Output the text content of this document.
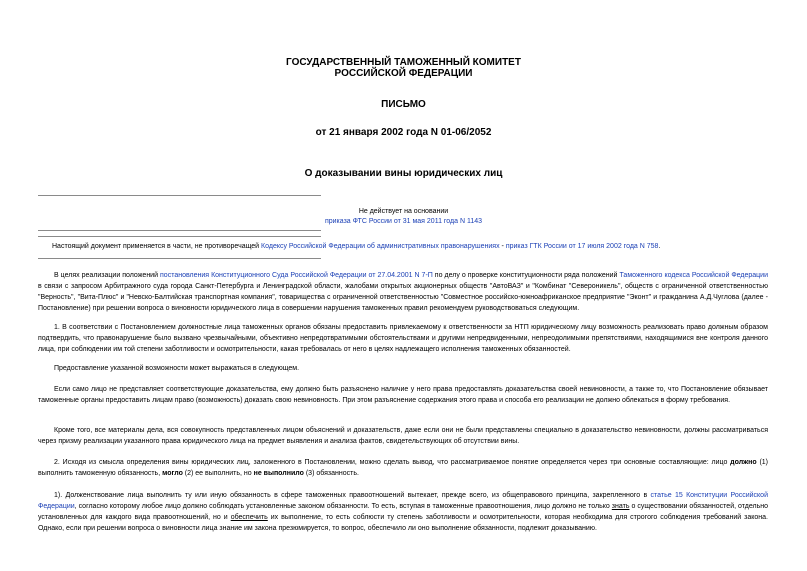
ГОСУДАРСТВЕННЫЙ ТАМОЖЕННЫЙ КОМИТЕТ
РОССИЙСКОЙ ФЕДЕРАЦИИ
ПИСЬМО
от 21 января 2002 года N 01-06/2052
О доказывании вины юридических лиц
Не действует на основании
приказа ФТС России от 31 мая 2011 года N 1143
Настоящий документ применяется в части, не противоречащей Кодексу Российской Федерации об административных правонарушениях - приказ ГТК России от 17 июля 2002 года N 758.
В целях реализации положений постановления Конституционного Суда Российской Федерации от 27.04.2001 N 7-П по делу о проверке конституционности ряда положений Таможенного кодекса Российской Федерации в связи с запросом Арбитражного суда города Санкт-Петербурга и Ленинградской области, жалобами открытых акционерных обществ "АвтоВАЗ" и "Комбинат "Североникель", обществ с ограниченной ответственностью "Верность", "Вита-Плюс" и "Невско-Балтийская транспортная компания", товарищества с ограниченной ответственностью "Совместное российско-южноафриканское предприятие "Эконт" и гражданина А.Д.Чуглова (далее - Постановление) при решении вопроса о виновности юридического лица в совершении нарушения таможенных правил рекомендуем руководствоваться следующим.
1. В соответствии с Постановлением должностные лица таможенных органов обязаны предоставить привлекаемому к ответственности за НТП юридическому лицу возможность реализовать право должным образом подтвердить, что правонарушение было вызвано чрезвычайными, объективно непредотвратимыми обстоятельствами и другими непредвиденными, непреодолимыми препятствиями, находящимися вне контроля данного лица, при соблюдении им той степени заботливости и осмотрительности, какая требовалась от него в целях надлежащего исполнения таможенных обязанностей.
Предоставление указанной возможности может выражаться в следующем.
Если само лицо не представляет соответствующие доказательства, ему должно быть разъяснено наличие у него права предоставлять доказательства своей невиновности, а также то, что Постановление обязывает таможенные органы предоставить лицам право (возможность) доказать свою невиновность. При этом разъяснение содержания этого права и способа его реализации не должно облекаться в форму требования.
Кроме того, все материалы дела, вся совокупность представленных лицом объяснений и доказательств, даже если они не были представлены специально в доказательство невиновности, должны рассматриваться через призму реализации указанного права юридического лица на предмет выявления и анализа фактов, свидетельствующих об отсутствии вины.
2. Исходя из смысла определения вины юридических лиц, заложенного в Постановлении, можно сделать вывод, что рассматриваемое понятие определяется через три основные составляющие: лицо должно (1) выполнить таможенную обязанность, могло (2) ее выполнить, но не выполнило (3) обязанность.
1). Долженствование лица выполнить ту или иную обязанность в сфере таможенных правоотношений вытекает, прежде всего, из общеправового принципа, закрепленного в статье 15 Конституции Российской Федерации, согласно которому любое лицо должно соблюдать установленные законом обязанности. То есть, вступая в таможенные правоотношения, лицо должно не только знать о существовании обязанностей, отдельно установленных для каждого вида правоотношений, но и обеспечить их выполнение, то есть соблюсти ту степень заботливости и осмотрительности, которая необходима для строгого соблюдения требований закона. Однако, если при решении вопроса о виновности лица знание им закона презюмируется, то вопрос, обеспечило ли оно выполнение обязанности, подлежит доказыванию.
